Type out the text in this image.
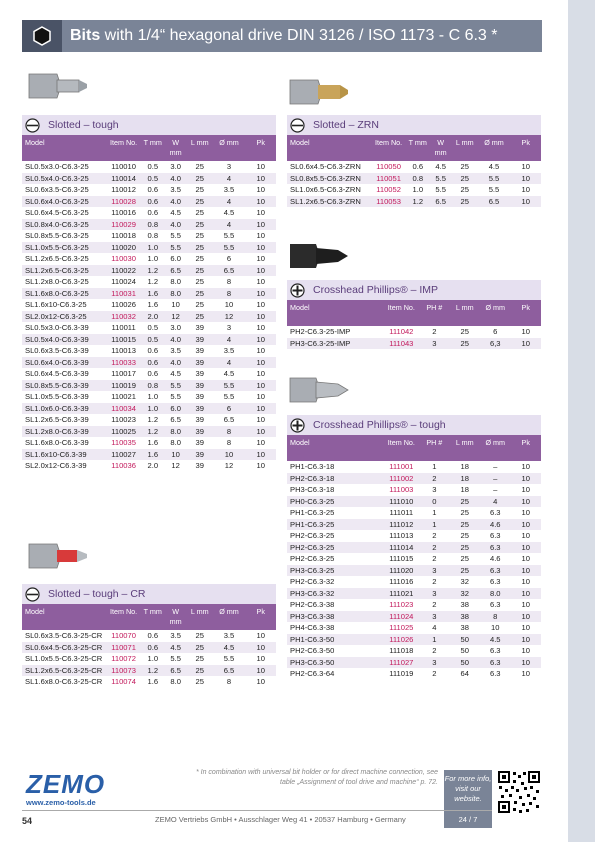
Bits with 1/4“ hexagonal drive DIN 3126 / ISO 1173 - C 6.3 *
Slotted – tough
Model	Item No.	T mm	W mm	L mm	Ø mm	Pk
SL0.5x3.0-C6.3-25	110010	0.5	3.0	25	3	10
SL0.5x4.0-C6.3-25	110014	0.5	4.0	25	4	10
SL0.6x3.5-C6.3-25	110012	0.6	3.5	25	3.5	10
SL0.6x4.0-C6.3-25	110028	0.6	4.0	25	4	10
SL0.6x4.5-C6.3-25	110016	0.6	4.5	25	4.5	10
SL0.8x4.0-C6.3-25	110029	0.8	4.0	25	4	10
SL0.8x5.5-C6.3-25	110018	0.8	5.5	25	5.5	10
SL1.0x5.5-C6.3-25	110020	1.0	5.5	25	5.5	10
SL1.2x6.5-C6.3-25	110030	1.0	6.0	25	6	10
SL1.2x6.5-C6.3-25	110022	1.2	6.5	25	6.5	10
SL1.2x8.0-C6.3-25	110024	1.2	8.0	25	8	10
SL1.6x8.0-C6.3-25	110031	1.6	8.0	25	8	10
SL1.6x10-C6.3-25	110026	1.6	10	25	10	10
SL2.0x12-C6.3-25	110032	2.0	12	25	12	10
SL0.5x3.0-C6.3-39	110011	0.5	3.0	39	3	10
SL0.5x4.0-C6.3-39	110015	0.5	4.0	39	4	10
SL0.6x3.5-C6.3-39	110013	0.6	3.5	39	3.5	10
SL0.6x4.0-C6.3-39	110033	0.6	4.0	39	4	10
SL0.6x4.5-C6.3-39	110017	0.6	4.5	39	4.5	10
SL0.8x5.5-C6.3-39	110019	0.8	5.5	39	5.5	10
SL1.0x5.5-C6.3-39	110021	1.0	5.5	39	5.5	10
SL1.0x6.0-C6.3-39	110034	1.0	6.0	39	6	10
SL1.2x6.5-C6.3-39	110023	1.2	6.5	39	6.5	10
SL1.2x8.0-C6.3-39	110025	1.2	8.0	39	8	10
SL1.6x8.0-C6.3-39	110035	1.6	8.0	39	8	10
SL1.6x10-C6.3-39	110027	1.6	10	39	10	10
SL2.0x12-C6.3-39	110036	2.0	12	39	12	10
Slotted – tough – CR
Model	Item No.	T mm	W mm	L mm	Ø mm	Pk
SL0.6x3.5-C6.3-25-CR	110070	0.6	3.5	25	3.5	10
SL0.6x4.5-C6.3-25-CR	110071	0.6	4.5	25	4.5	10
SL1.0x5.5-C6.3-25-CR	110072	1.0	5.5	25	5.5	10
SL1.2x6.5-C6.3-25-CR	110073	1.2	6.5	25	6.5	10
SL1.6x8.0-C6.3-25-CR	110074	1.6	8.0	25	8	10
Slotted – ZRN
Model	Item No.	T mm	W mm	L mm	Ø mm	Pk
SL0.6x4.5-C6.3-ZRN	110050	0.6	4.5	25	4.5	10
SL0.8x5.5-C6.3-ZRN	110051	0.8	5.5	25	5.5	10
SL1.0x6.5-C6.3-ZRN	110052	1.0	5.5	25	5.5	10
SL1.2x6.5-C6.3-ZRN	110053	1.2	6.5	25	6.5	10
Crosshead Phillips® – IMP
Model	Item No.	PH #	L mm	Ø mm	Pk
PH2-C6.3-25-IMP	111042	2	25	6	10
PH3-C6.3-25-IMP	111043	3	25	6,3	10
Crosshead Phillips® – tough
Model	Item No.	PH #	L mm	Ø mm	Pk
PH1-C6.3-18	111001	1	18	–	10
PH2-C6.3-18	111002	2	18	–	10
PH3-C6.3-18	111003	3	18	–	10
PH0-C6.3-25	111010	0	25	4	10
PH1-C6.3-25	111011	1	25	6.3	10
PH1-C6.3-25	111012	1	25	4.6	10
PH2-C6.3-25	111013	2	25	6.3	10
PH2-C6.3-25	111014	2	25	6.3	10
PH2-C6.3-25	111015	2	25	4.6	10
PH3-C6.3-25	111020	3	25	6.3	10
PH2-C6.3-32	111016	2	32	6.3	10
PH3-C6.3-32	111021	3	32	8.0	10
PH2-C6.3-38	111023	2	38	6.3	10
PH3-C6.3-38	111024	3	38	8	10
PH4-C6.3-38	111025	4	38	10	10
PH1-C6.3-50	111026	1	50	4.5	10
PH2-C6.3-50	111018	2	50	6.3	10
PH3-C6.3-50	111027	3	50	6.3	10
PH2-C6.3-64	111019	2	64	6.3	10
ZEMO
www.zemo-tools.de
* In combination with universal bit holder or for direct machine connection, see table „Assignment of tool drive and machine“ p. 72. For more info, visit our website.
24 / 7
54	ZEMO Vertriebs GmbH • Ausschlager Weg 41 • 20537 Hamburg • Germany
